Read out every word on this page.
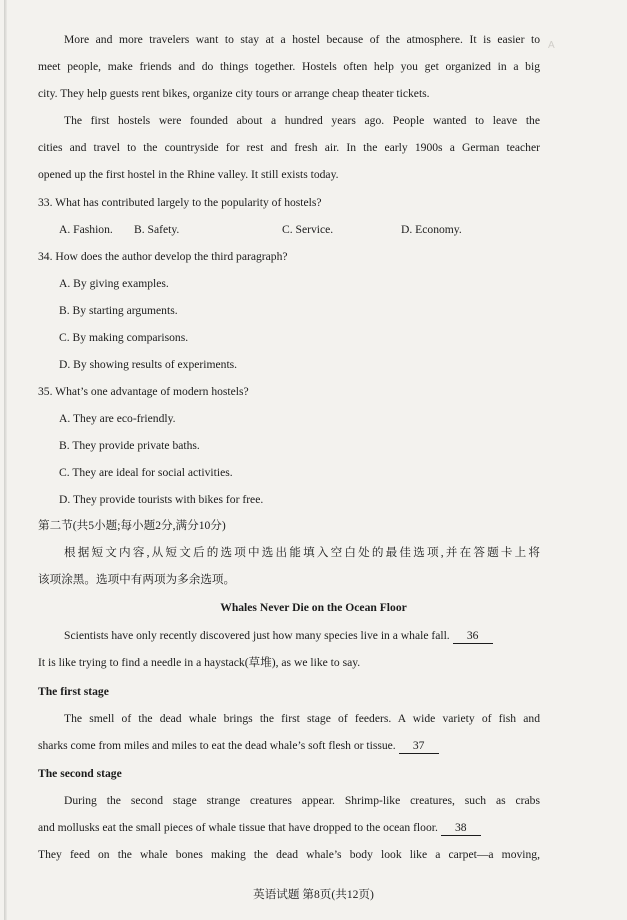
A
More and more travelers want to stay at a hostel because of the atmosphere. It is easier to
meet people, make friends and do things together. Hostels often help you get organized in a big
city. They help guests rent bikes, organize city tours or arrange cheap theater tickets.
The first hostels were founded about a hundred years ago. People wanted to leave the
cities and travel to the countryside for rest and fresh air. In the early 1900s a German teacher
opened up the first hostel in the Rhine valley. It still exists today.
33. What has contributed largely to the popularity of hostels?
A. Fashion. B. Safety.	C. Service.	D. Economy.
34. How does the author develop the third paragraph?
A. By giving examples.
B. By starting arguments.
C. By making comparisons.
D. By showing results of experiments.
35. What’s one advantage of modern hostels?
A. They are eco-friendly.
B. They provide private baths.
C. They are ideal for social activities.
D. They provide tourists with bikes for free.
第二节(共5小题;每小题2分,满分10分)
根据短文内容,从短文后的选项中选出能填入空白处的最佳选项,并在答题卡上将
该项涂黑。选项中有两项为多余选项。
Whales Never Die on the Ocean Floor
Scientists have only recently discovered just how many species live in a whale fall. 36
It is like trying to find a needle in a haystack(草堆), as we like to say.
The first stage
The smell of the dead whale brings the first stage of feeders. A wide variety of fish and
sharks come from miles and miles to eat the dead whale’s soft flesh or tissue. 37
The second stage
During the second stage strange creatures appear. Shrimp-like creatures, such as crabs
and mollusks eat the small pieces of whale tissue that have dropped to the ocean floor. 38
They feed on the whale bones making the dead whale’s body look like a carpet—a moving,
英语试题 第8页(共12页)
